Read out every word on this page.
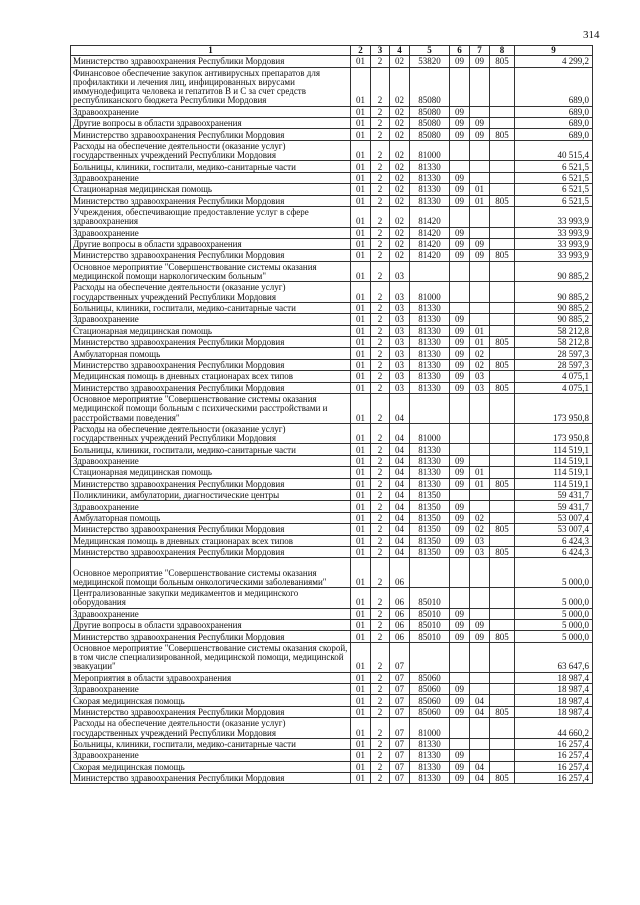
314
1	2	3	4	5	6	7	8	9
Министерство здравоохранения Республики Мордовия	01	2	02	53820	09	09	805	4 299,2
Финансовое обеспечение закупок антивирусных препаратов для профилактики и лечения лиц, инфицированных вирусами иммунодефицита человека и гепатитов В и С за счет средств республиканского бюджета Республики Мордовия	01	2	02	85080				689,0
Здравоохранение	01	2	02	85080	09			689,0
Другие вопросы в области здравоохранения	01	2	02	85080	09	09		689,0
Министерство здравоохранения Республики Мордовия	01	2	02	85080	09	09	805	689,0
Расходы на обеспечение деятельности (оказание услуг) государственных учреждений Республики Мордовия	01	2	02	81000				40 515,4
Больницы, клиники, госпитали, медико-санитарные части	01	2	02	81330				6 521,5
Здравоохранение	01	2	02	81330	09			6 521,5
Стационарная медицинская помощь	01	2	02	81330	09	01		6 521,5
Министерство здравоохранения Республики Мордовия	01	2	02	81330	09	01	805	6 521,5
Учреждения, обеспечивающие предоставление услуг в сфере здравоохранения	01	2	02	81420				33 993,9
Здравоохранение	01	2	02	81420	09			33 993,9
Другие вопросы в области здравоохранения	01	2	02	81420	09	09		33 993,9
Министерство здравоохранения Республики Мордовия	01	2	02	81420	09	09	805	33 993,9
Основное мероприятие "Совершенствование системы оказания медицинской помощи наркологическим больным"	01	2	03					90 885,2
Расходы на обеспечение деятельности (оказание услуг) государственных учреждений Республики Мордовия	01	2	03	81000				90 885,2
Больницы, клиники, госпитали, медико-санитарные части	01	2	03	81330				90 885,2
Здравоохранение	01	2	03	81330	09			90 885,2
Стационарная медицинская помощь	01	2	03	81330	09	01		58 212,8
Министерство здравоохранения Республики Мордовия	01	2	03	81330	09	01	805	58 212,8
Амбулаторная помощь	01	2	03	81330	09	02		28 597,3
Министерство здравоохранения Республики Мордовия	01	2	03	81330	09	02	805	28 597,3
Медицинская помощь в дневных стационарах всех типов	01	2	03	81330	09	03		4 075,1
Министерство здравоохранения Республики Мордовия	01	2	03	81330	09	03	805	4 075,1
Основное мероприятие "Совершенствование системы оказания медицинской помощи больным с психическими расстройствами и расстройствами поведения"	01	2	04					173 950,8
Расходы на обеспечение деятельности (оказание услуг) государственных учреждений Республики Мордовия	01	2	04	81000				173 950,8
Больницы, клиники, госпитали, медико-санитарные части	01	2	04	81330				114 519,1
Здравоохранение	01	2	04	81330	09			114 519,1
Стационарная медицинская помощь	01	2	04	81330	09	01		114 519,1
Министерство здравоохранения Республики Мордовия	01	2	04	81330	09	01	805	114 519,1
Поликлиники, амбулатории, диагностические центры	01	2	04	81350				59 431,7
Здравоохранение	01	2	04	81350	09			59 431,7
Амбулаторная помощь	01	2	04	81350	09	02		53 007,4
Министерство здравоохранения Республики Мордовия	01	2	04	81350	09	02	805	53 007,4
Медицинская помощь в дневных стационарах всех типов	01	2	04	81350	09	03		6 424,3
Министерство здравоохранения Республики Мордовия	01	2	04	81350	09	03	805	6 424,3
Основное мероприятие "Совершенствование системы оказания медицинской помощи больным онкологическими заболеваниями"	01	2	06					5 000,0
Централизованные закупки медикаментов и медицинского оборудования	01	2	06	85010				5 000,0
Здравоохранение	01	2	06	85010	09			5 000,0
Другие вопросы в области здравоохранения	01	2	06	85010	09	09		5 000,0
Министерство здравоохранения Республики Мордовия	01	2	06	85010	09	09	805	5 000,0
Основное мероприятие "Совершенствование системы оказания скорой, в том числе специализированной, медицинской помощи, медицинской эвакуации"	01	2	07					63 647,6
Мероприятия в области здравоохранения	01	2	07	85060				18 987,4
Здравоохранение	01	2	07	85060	09			18 987,4
Скорая медицинская помощь	01	2	07	85060	09	04		18 987,4
Министерство здравоохранения Республики Мордовия	01	2	07	85060	09	04	805	18 987,4
Расходы на обеспечение деятельности (оказание услуг) государственных учреждений Республики Мордовия	01	2	07	81000				44 660,2
Больницы, клиники, госпитали, медико-санитарные части	01	2	07	81330				16 257,4
Здравоохранение	01	2	07	81330	09			16 257,4
Скорая медицинская помощь	01	2	07	81330	09	04		16 257,4
Министерство здравоохранения Республики Мордовия	01	2	07	81330	09	04	805	16 257,4
